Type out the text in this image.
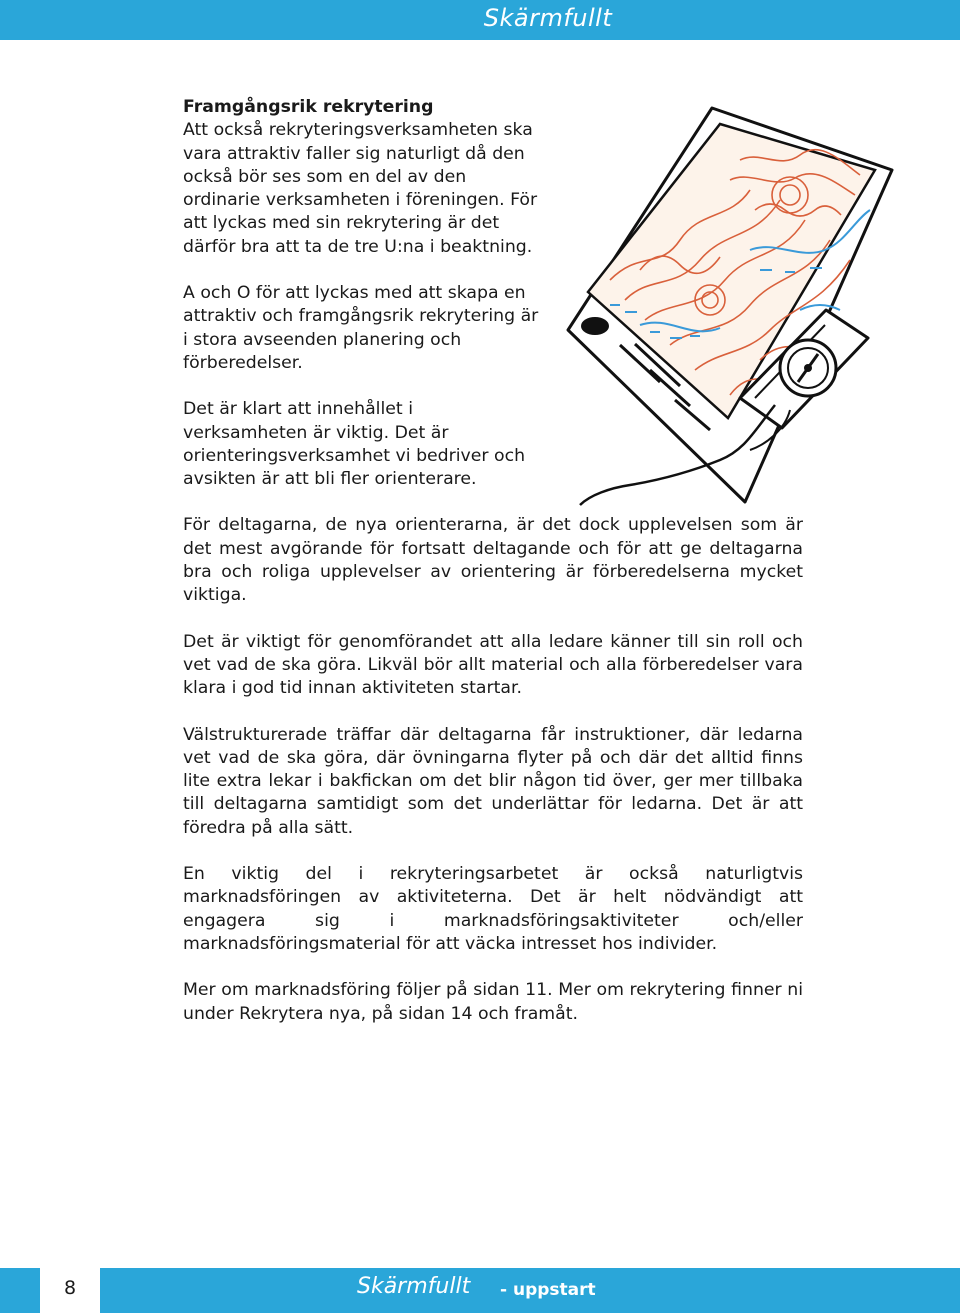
Skärmfullt

Framgångsrik rekrytering
Att också rekryteringsverksamheten ska vara attraktiv faller sig naturligt då den också bör ses som en del av den ordinarie verksamheten i föreningen. För att lyckas med sin rekrytering är det därför bra att ta de tre U:na i beaktning.

A och O för att lyckas med att skapa en attraktiv och framgångsrik rekrytering är i stora avseenden planering och förberedelser.

Det är klart att innehållet i verksamheten är viktig. Det är orienteringsverksamhet vi bedriver och avsikten är att bli fler orienterare.

För deltagarna, de nya orienterarna, är det dock upplevelsen som är det mest avgörande för fortsatt deltagande och för att ge deltagarna bra och roliga upplevelser av orientering är förberedelserna mycket viktiga.

Det är viktigt för genomförandet att alla ledare känner till sin roll och vet vad de ska göra. Likväl bör allt material och alla förberedelser vara klara i god tid innan aktiviteten startar.

Välstrukturerade träffar där deltagarna får instruktioner, där ledarna vet vad de ska göra, där övningarna flyter på och där det alltid finns lite extra lekar i bakfickan om det blir någon tid över, ger mer tillbaka till deltagarna samtidigt som det underlättar för ledarna. Det är att föredra på alla sätt.

En viktig del i rekryteringsarbetet är också naturligtvis marknadsföringen av aktiviteterna. Det är helt nödvändigt att engagera sig i marknadsföringsaktiviteter och/eller marknadsföringsmaterial för att väcka intresset hos individer.

Mer om marknadsföring följer på sidan 11. Mer om rekrytering finner ni under Rekrytera nya, på sidan 14 och framåt.

8	Skärmfullt - uppstart
